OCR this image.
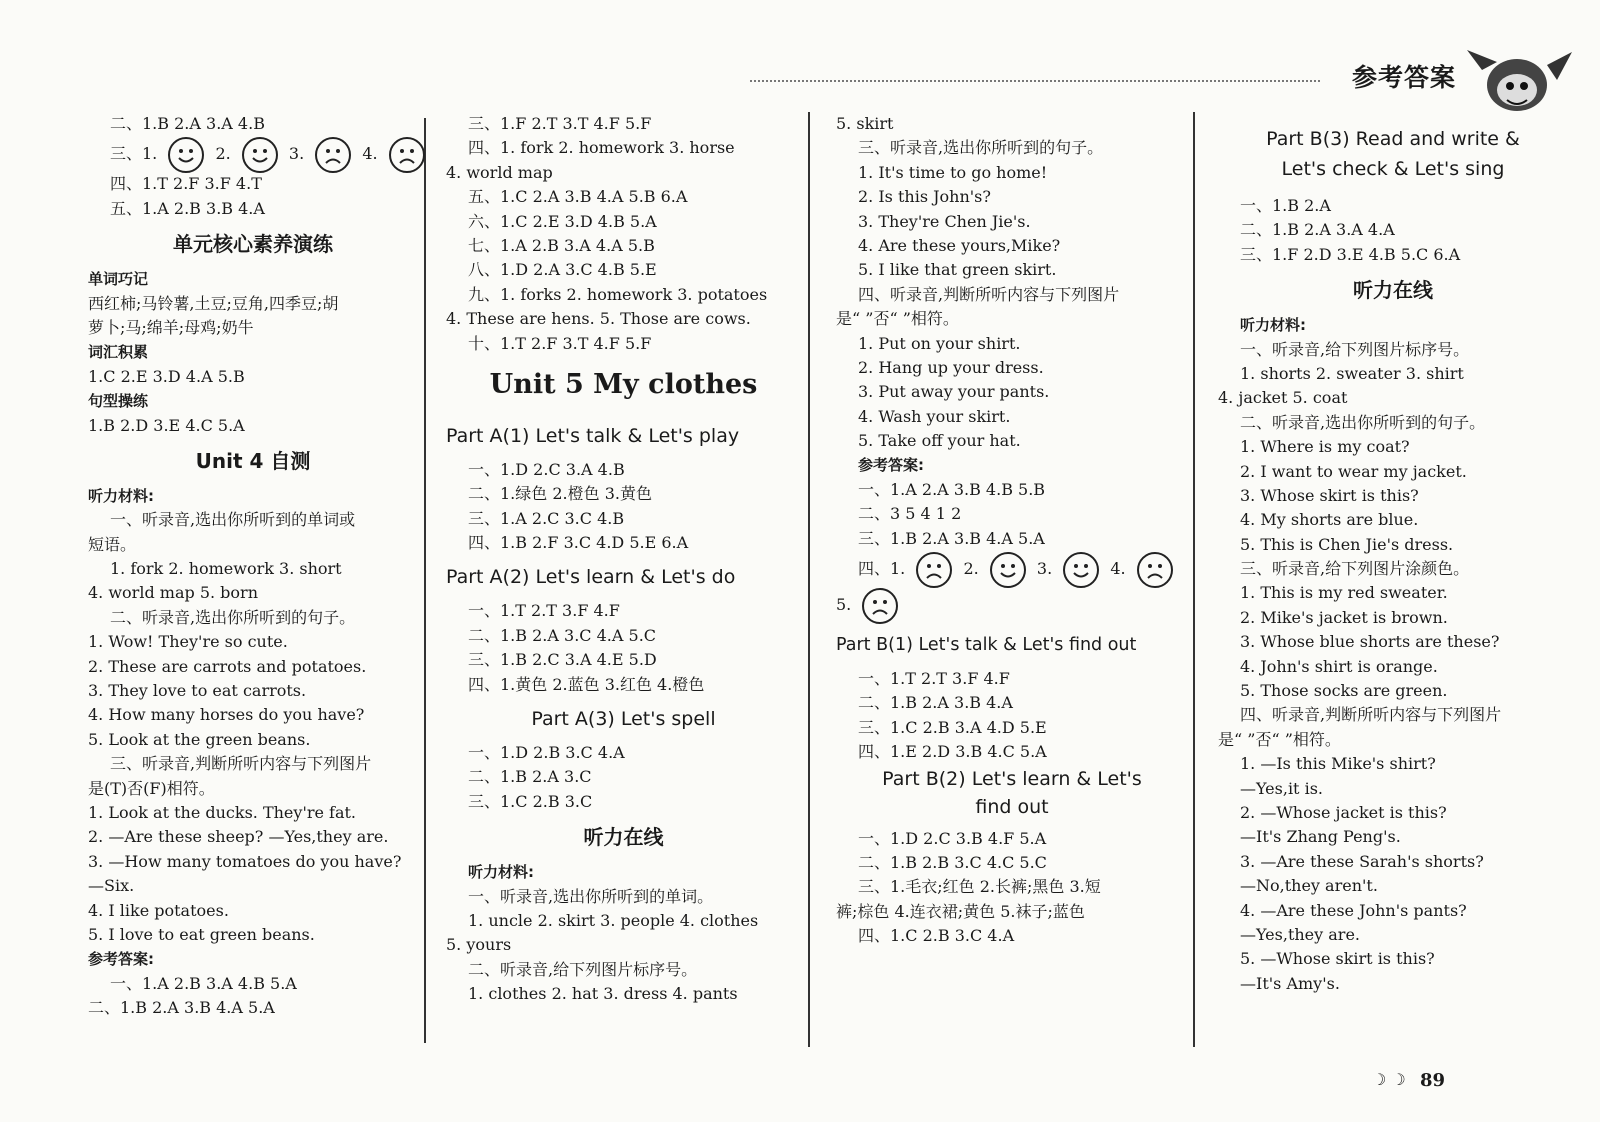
参考答案
二、1.B 2.A 3.A 4.B
三、1.	2.	3.	4.
四、1.T 2.F 3.F 4.T
五、1.A 2.B 3.B 4.A
单元核心素养演练
单词巧记
西红柿;马铃薯,土豆;豆角,四季豆;胡
萝卜;马;绵羊;母鸡;奶牛
词汇积累
1.C 2.E 3.D 4.A 5.B
句型操练
1.B 2.D 3.E 4.C 5.A
Unit 4 自测
听力材料:
一、听录音,选出你所听到的单词或
短语。
1. fork 2. homework 3. short
4. world map 5. born
二、听录音,选出你所听到的句子。
1. Wow! They're so cute.
2. These are carrots and potatoes.
3. They love to eat carrots.
4. How many horses do you have?
5. Look at the green beans.
三、听录音,判断所听内容与下列图片
是(T)否(F)相符。
1. Look at the ducks. They're fat.
2. —Are these sheep? —Yes,they are.
3. —How many tomatoes do you have?
—Six.
4. I like potatoes.
5. I love to eat green beans.
参考答案:
一、1.A 2.B 3.A 4.B 5.A
二、1.B 2.A 3.B 4.A 5.A
三、1.F 2.T 3.T 4.F 5.F
四、1. fork 2. homework 3. horse
4. world map
五、1.C 2.A 3.B 4.A 5.B 6.A
六、1.C 2.E 3.D 4.B 5.A
七、1.A 2.B 3.A 4.A 5.B
八、1.D 2.A 3.C 4.B 5.E
九、1. forks 2. homework 3. potatoes
4. These are hens. 5. Those are cows.
十、1.T 2.F 3.T 4.F 5.F
Unit 5 My clothes
Part A(1) Let's talk & Let's play
一、1.D 2.C 3.A 4.B
二、1.绿色 2.橙色 3.黄色
三、1.A 2.C 3.C 4.B
四、1.B 2.F 3.C 4.D 5.E 6.A
Part A(2) Let's learn & Let's do
一、1.T 2.T 3.F 4.F
二、1.B 2.A 3.C 4.A 5.C
三、1.B 2.C 3.A 4.E 5.D
四、1.黄色 2.蓝色 3.红色 4.橙色
Part A(3) Let's spell
一、1.D 2.B 3.C 4.A
二、1.B 2.A 3.C
三、1.C 2.B 3.C
听力在线
听力材料:
一、听录音,选出你所听到的单词。
1. uncle 2. skirt 3. people 4. clothes
5. yours
二、听录音,给下列图片标序号。
1. clothes 2. hat 3. dress 4. pants
5. skirt
三、听录音,选出你所听到的句子。
1. It's time to go home!
2. Is this John's?
3. They're Chen Jie's.
4. Are these yours,Mike?
5. I like that green skirt.
四、听录音,判断所听内容与下列图片
是“ ”否“ ”相符。
1. Put on your shirt.
2. Hang up your dress.
3. Put away your pants.
4. Wash your skirt.
5. Take off your hat.
参考答案:
一、1.A 2.A 3.B 4.B 5.B
二、3 5 4 1 2
三、1.B 2.A 3.B 4.A 5.A
四、1.	2.	3.	4.
5.
Part B(1) Let's talk & Let's find out
一、1.T 2.T 3.F 4.F
二、1.B 2.A 3.B 4.A
三、1.C 2.B 3.A 4.D 5.E
四、1.E 2.D 3.B 4.C 5.A
Part B(2) Let's learn & Let's
find out
一、1.D 2.C 3.B 4.F 5.A
二、1.B 2.B 3.C 4.C 5.C
三、1.毛衣;红色 2.长裤;黑色 3.短
裤;棕色 4.连衣裙;黄色 5.袜子;蓝色
四、1.C 2.B 3.C 4.A
Part B(3) Read and write &
Let's check & Let's sing
一、1.B 2.A
二、1.B 2.A 3.A 4.A
三、1.F 2.D 3.E 4.B 5.C 6.A
听力在线
听力材料:
一、听录音,给下列图片标序号。
1. shorts 2. sweater 3. shirt
4. jacket 5. coat
二、听录音,选出你所听到的句子。
1. Where is my coat?
2. I want to wear my jacket.
3. Whose skirt is this?
4. My shorts are blue.
5. This is Chen Jie's dress.
三、听录音,给下列图片涂颜色。
1. This is my red sweater.
2. Mike's jacket is brown.
3. Whose blue shorts are these?
4. John's shirt is orange.
5. Those socks are green.
四、听录音,判断所听内容与下列图片
是“ ”否“ ”相符。
1. —Is this Mike's shirt?
—Yes,it is.
2. —Whose jacket is this?
—It's Zhang Peng's.
3. —Are these Sarah's shorts?
—No,they aren't.
4. —Are these John's pants?
—Yes,they are.
5. —Whose skirt is this?
—It's Amy's.
☽ ☽ 89
